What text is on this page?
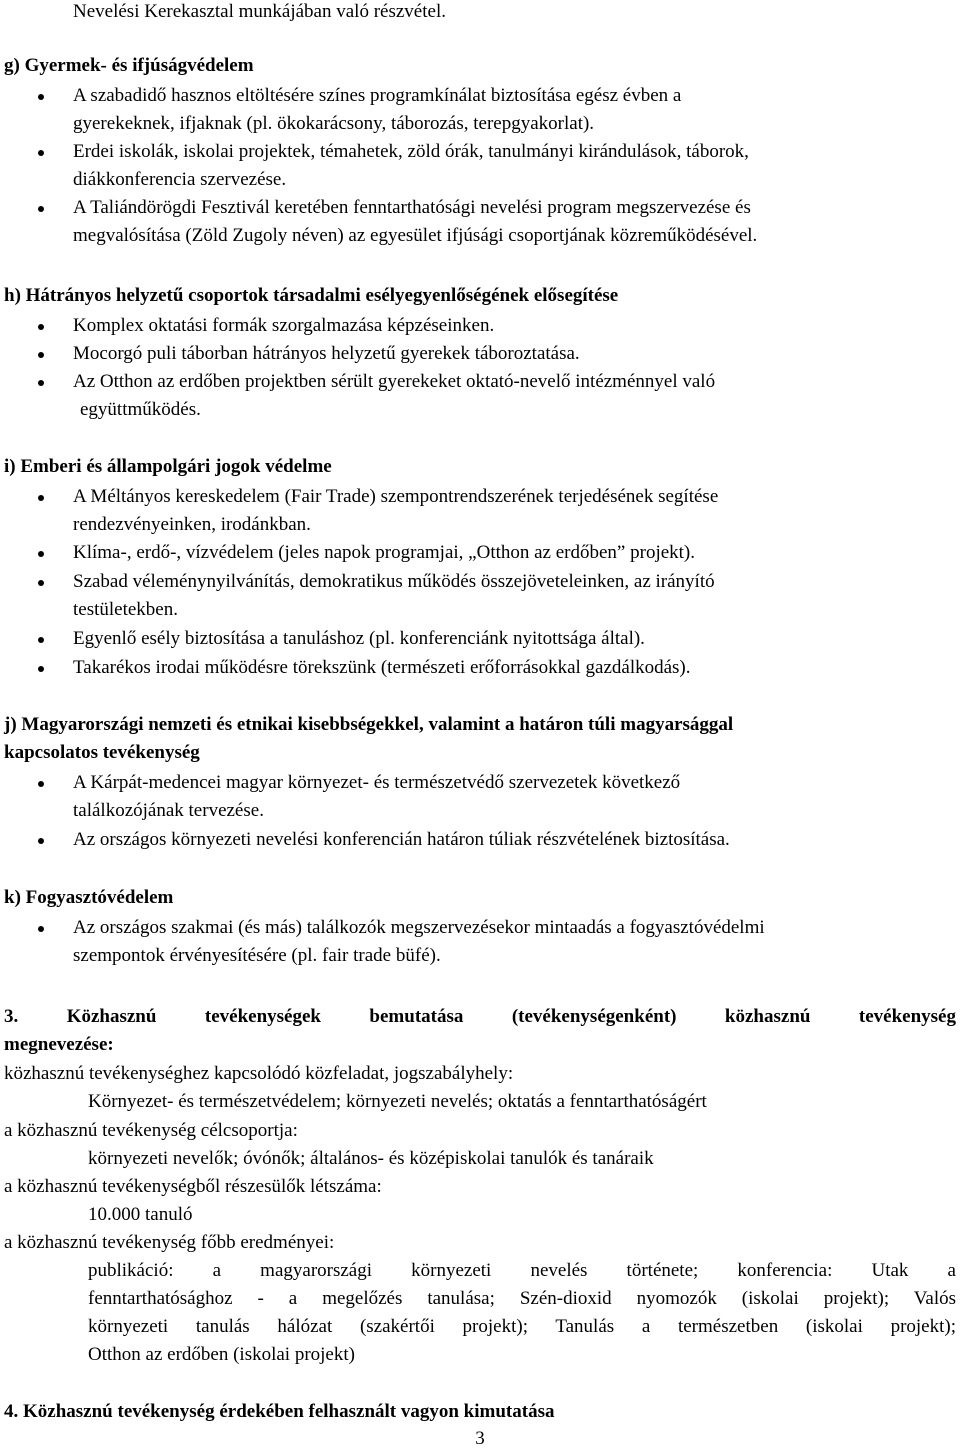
Nevelési Kerekasztal munkájában való részvétel.
g) Gyermek- és ifjúságvédelem
A szabadidő hasznos eltöltésére színes programkínálat biztosítása egész évben a
gyerekeknek, ifjaknak (pl. ökokarácsony, táborozás, terepgyakorlat).
Erdei iskolák, iskolai projektek, témahetek, zöld órák, tanulmányi kirándulások, táborok,
diákkonferencia szervezése.
A Taliándörögdi Fesztivál keretében fenntarthatósági nevelési program megszervezése és
megvalósítása (Zöld Zugoly néven) az egyesület ifjúsági csoportjának közreműködésével.
h) Hátrányos helyzetű csoportok társadalmi esélyegyenlőségének elősegítése
Komplex oktatási formák szorgalmazása képzéseinken.
Mocorgó puli táborban hátrányos helyzetű gyerekek táboroztatása.
Az Otthon az erdőben projektben sérült gyerekeket oktató-nevelő intézménnyel való
együttműködés.
i) Emberi és állampolgári jogok védelme
A Méltányos kereskedelem (Fair Trade) szempontrendszerének terjedésének segítése
rendezvényeinken, irodánkban.
Klíma-, erdő-, vízvédelem (jeles napok programjai, „Otthon az erdőben” projekt).
Szabad véleménynyilvánítás, demokratikus működés összejöveteleinken, az irányító
testületekben.
Egyenlő esély biztosítása a tanuláshoz (pl. konferenciánk nyitottsága által).
Takarékos irodai működésre törekszünk (természeti erőforrásokkal gazdálkodás).
j) Magyarországi nemzeti és etnikai kisebbségekkel, valamint a határon túli magyarsággal
kapcsolatos tevékenység
A Kárpát-medencei magyar környezet- és természetvédő szervezetek következő
találkozójának tervezése.
Az országos környezeti nevelési konferencián határon túliak részvételének biztosítása.
k) Fogyasztóvédelem
Az országos szakmai (és más) találkozók megszervezésekor mintaadás a fogyasztóvédelmi
szempontok érvényesítésére (pl. fair trade büfé).
3. Közhasznú tevékenységek bemutatása (tevékenységenként) közhasznú tevékenység
megnevezése:
közhasznú tevékenységhez kapcsolódó közfeladat, jogszabályhely:
Környezet- és természetvédelem; környezeti nevelés; oktatás a fenntarthatóságért
a közhasznú tevékenység célcsoportja:
környezeti nevelők; óvónők; általános- és középiskolai tanulók és tanáraik
a közhasznú tevékenységből részesülők létszáma:
10.000 tanuló
a közhasznú tevékenység főbb eredményei:
publikáció: a magyarországi környezeti nevelés története; konferencia: Utak a
fenntarthatósághoz - a megelőzés tanulása; Szén-dioxid nyomozók (iskolai projekt); Valós
környezeti tanulás hálózat (szakértői projekt); Tanulás a természetben (iskolai projekt);
Otthon az erdőben (iskolai projekt)
4. Közhasznú tevékenység érdekében felhasznált vagyon kimutatása
3
